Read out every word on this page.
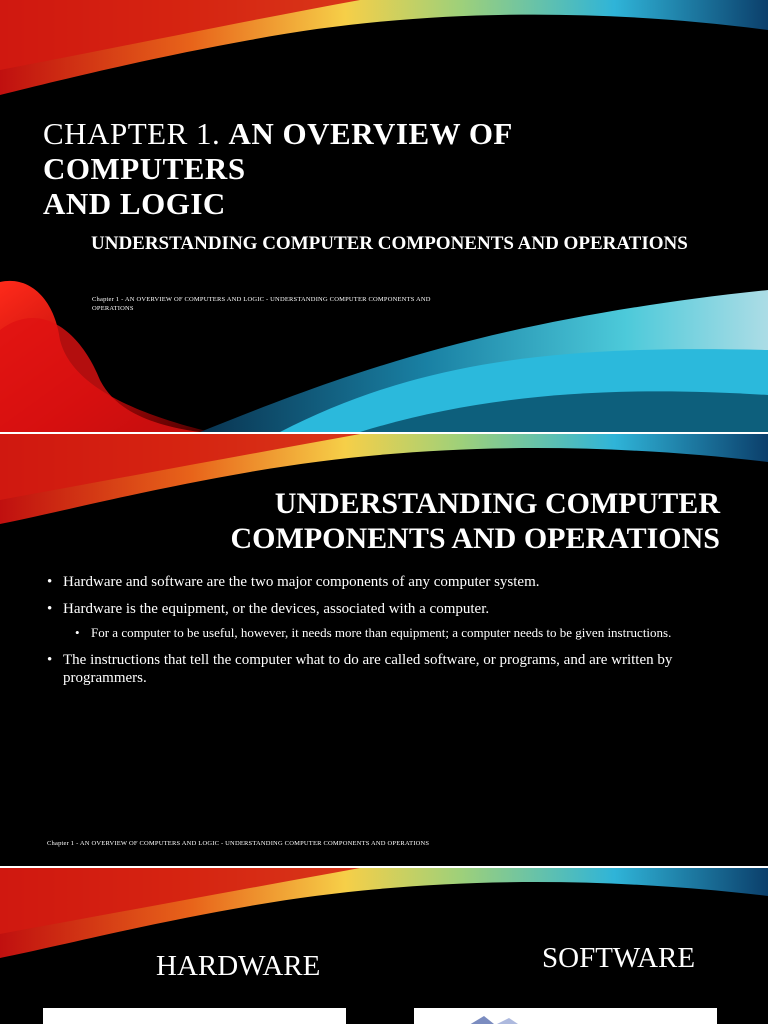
CHAPTER 1. AN OVERVIEW OF
COMPUTERS
AND LOGIC
UNDERSTANDING COMPUTER COMPONENTS AND OPERATIONS
Chapter 1 - AN OVERVIEW OF COMPUTERS AND LOGIC - UNDERSTANDING COMPUTER COMPONENTS AND OPERATIONS
UNDERSTANDING COMPUTER COMPONENTS AND OPERATIONS
• Hardware and software are the two major components of any computer system.
• Hardware is the equipment, or the devices, associated with a computer.
• For a computer to be useful, however, it needs more than equipment; a computer needs to be given instructions.
• The instructions that tell the computer what to do are called software, or programs, and are written by programmers.
Chapter 1 - AN OVERVIEW OF COMPUTERS AND LOGIC - UNDERSTANDING COMPUTER COMPONENTS AND OPERATIONS
HARDWARE	SOFTWARE
